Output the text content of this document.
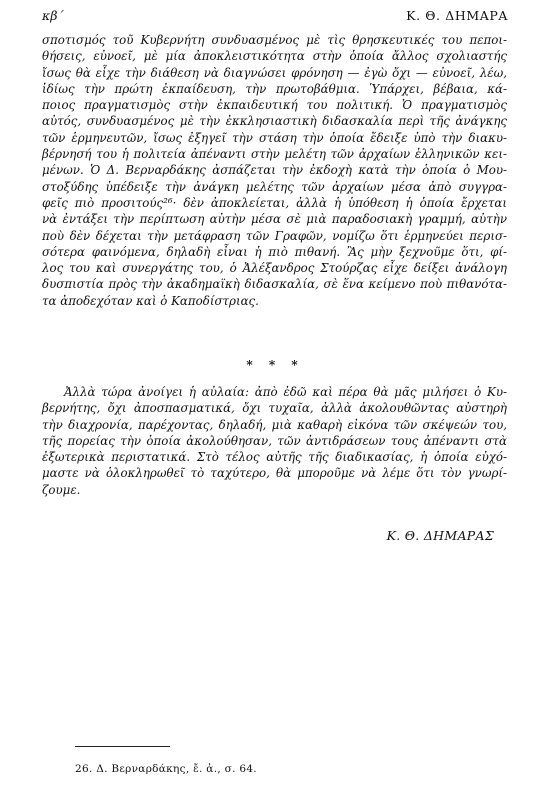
κβ΄	Κ. Θ. ΔΗΜΑΡΑ
σποτισμός τοῦ Κυβερνήτη συνδυασμένος μὲ τὶς θρησκευτικές του πεποι-
θήσεις, εὐνοεῖ, μὲ μία ἀποκλειστικότητα στὴν ὁποία ἄλλος σχολιαστής
ἴσως θὰ εἶχε τὴν διάθεση νὰ διαγνώσει φρόνηση — ἐγὼ ὄχι — εὐνοεῖ, λέω,
ἰδίως τὴν πρώτη ἐκπαίδευση, τὴν πρωτοβάθμια. Ὑπάρχει, βέβαια, κά-
ποιος πραγματισμὸς στὴν ἐκπαιδευτική του πολιτική. Ὁ πραγματισμὸς
αὐτός, συνδυασμένος μὲ τὴν ἐκκλησιαστικὴ διδασκαλία περὶ τῆς ἀνάγκης
τῶν ἑρμηνευτῶν, ἴσως ἐξηγεῖ τὴν στάση τὴν ὁποία ἔδειξε ὑπὸ τὴν διακυ-
βέρνησή του ἡ πολιτεία ἀπέναντι στὴν μελέτη τῶν ἀρχαίων ἑλληνικῶν κει-
μένων. Ὁ Δ. Βερναρδάκης ἀσπάζεται τὴν ἐκδοχὴ κατὰ τὴν ὁποία ὁ Μου-
στοξύδης ὑπέδειξε τὴν ἀνάγκη μελέτης τῶν ἀρχαίων μέσα ἀπὸ συγγρα-
φεῖς πιὸ προσιτούς²⁶· δὲν ἀποκλείεται, ἀλλὰ ἡ ὑπόθεση ἡ ὁποία ἔρχεται
νὰ ἐντάξει τὴν περίπτωση αὐτὴν μέσα σὲ μιὰ παραδοσιακὴ γραμμή, αὐτὴν
ποὺ δὲν δέχεται τὴν μετάφραση τῶν Γραφῶν, νομίζω ὅτι ἑρμηνεύει περισ-
σότερα φαινόμενα, δηλαδὴ εἶναι ἡ πιὸ πιθανή. Ἂς μὴν ξεχνοῦμε ὅτι, φί-
λος του καὶ συνεργάτης του, ὁ Ἀλέξανδρος Στούρζας εἶχε δείξει ἀνάλογη
δυσπιστία πρὸς τὴν ἀκαδημαϊκὴ διδασκαλία, σὲ ἕνα κείμενο ποὺ πιθανότα-
τα ἀποδεχόταν καὶ ὁ Καποδίστριας.
* * *
Ἀλλὰ τώρα ἀνοίγει ἡ αὐλαία: ἀπὸ ἐδῶ καὶ πέρα θὰ μᾶς μιλήσει ὁ Κυ-
βερνήτης, ὄχι ἀποσπασματικά, ὄχι τυχαῖα, ἀλλὰ ἀκολουθῶντας αὐστηρὴ
τὴν διαχρονία, παρέχοντας, δηλαδή, μιὰ καθαρὴ εἰκόνα τῶν σκέψεών του,
τῆς πορείας τὴν ὁποία ἀκολούθησαν, τῶν ἀντιδράσεων τους ἀπέναντι στὰ
ἐξωτερικὰ περιστατικά. Στὸ τέλος αὐτῆς τῆς διαδικασίας, ἡ ὁποία εὐχό-
μαστε νὰ ὁλοκληρωθεῖ τὸ ταχύτερο, θὰ μποροῦμε νὰ λέμε ὅτι τὸν γνωρί-
ζουμε.
Κ. Θ. ΔΗΜΑΡΑΣ
26. Δ. Βερναρδάκης, ἔ. ἀ., σ. 64.
